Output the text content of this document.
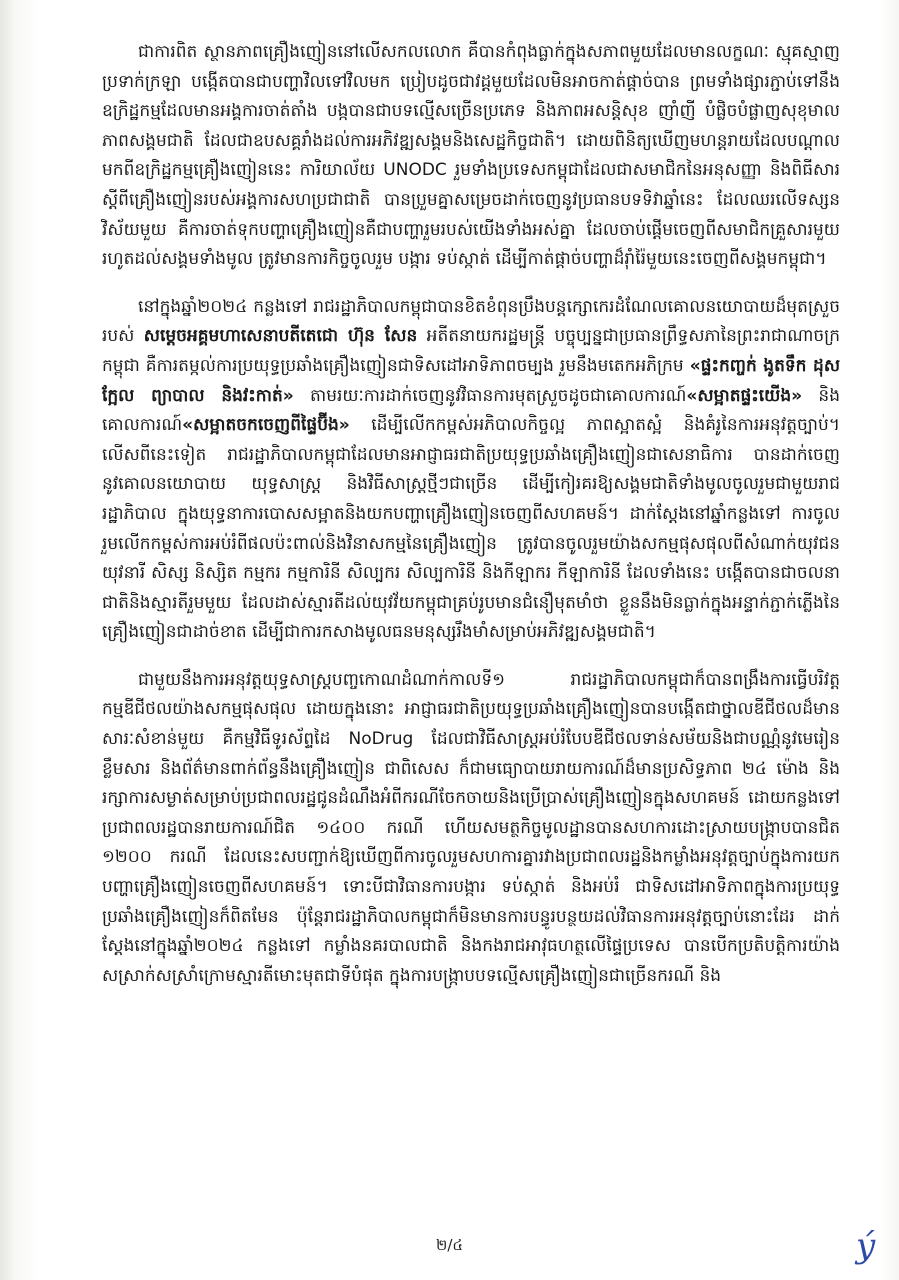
ជាការពិត ស្ថានភាពគ្រឿងញៀននៅលើសកលលោក គឺបានកំពុងធ្លាក់ក្នុងសភាពមួយដែលមានលក្ខណៈ ស្មុគស្មាញ ប្រទាក់ក្រឡា បង្កើតបានជាបញ្ហាវិលទៅវិលមក ប្រៀបដូចជាវដ្តមួយដែលមិនអាចកាត់ផ្ដាច់បាន ព្រមទាំងផ្សារភ្ជាប់ទៅនឹងឧក្រិដ្ឋកម្មដែលមានអង្គការចាត់តាំង បង្កបានជាបទល្មើសច្រើនប្រភេទ និងភាពអសន្តិសុខ ញាំញី បំផ្លិចបំផ្លាញសុខុមាលភាពសង្គមជាតិ ដែលជាឧបសគ្គរាំងដល់ការអភិវឌ្ឍសង្គមនិងសេដ្ឋកិច្ចជាតិ។ ដោយពិនិត្យឃើញមហន្តរាយដែលបណ្ដាលមកពីឧក្រិដ្ឋកម្មគ្រឿងញៀននេះ ការិយាល័យ UNODC រួមទាំងប្រទេសកម្ពុជាដែលជាសមាជិកនៃអនុសញ្ញា និងពិធីសារស្ដីពីគ្រឿងញៀនរបស់អង្គការសហប្រជាជាតិ បានប្រួមគ្នាសម្រេចដាក់ចេញនូវប្រធានបទទិវាឆ្នាំនេះ ដែលឈរលើទស្សនវិស័យមួយ គឺការចាត់ទុកបញ្ហាគ្រឿងញៀនគឺជាបញ្ហារួមរបស់យើងទាំងអស់គ្នា ដែលចាប់ផ្ដើមចេញពីសមាជិកគ្រួសារមួយរហូតដល់សង្គមទាំងមូល ត្រូវមានការកិច្ចចូលរួម បង្ការ ទប់ស្កាត់ ដើម្បីកាត់ផ្ដាច់បញ្ហាដ៏រ៉ាំរ៉ៃមួយនេះចេញពីសង្គមកម្ពុជា។

នៅក្នុងឆ្នាំ២០២៤ កន្លងទៅ រាជរដ្ឋាភិបាលកម្ពុជាបានខិតខំពុនប្រឹងបន្តក្សោកេរដំណែលគោលនយោបាយដ៏មុតស្រួចរបស់ សម្ដេចអគ្គមហាសេនាបតីតេជោ ហ៊ុន សែន អតីតនាយករដ្ឋមន្ត្រី បច្ចុប្បន្នជាប្រធានព្រឹទ្ធសភានៃព្រះរាជាណាចក្រកម្ពុជា គឺការតម្កល់ការប្រយុទ្ធប្រឆាំងគ្រឿងញៀនជាទិសដៅអាទិភាពចម្បង រួមនឹងមតេកអភិក្រម «ផ្ទះកញ្ចក់ ងូតទឹក ដុសក្អែល ព្យាបាល និងវះកាត់» តាមរយៈការដាក់ចេញនូវវិធានការមុតស្រួចដូចជាគោលការណ៍«សម្អាតផ្ទះយើង» និងគោលការណ៍«សម្អាតចកចេញពីផ្ទៃប៊ីង» ដើម្បីលើកកម្ពស់អភិបាលកិច្ចល្អ ភាពស្អាតស្អំ និងគំរូនៃការអនុវត្តច្បាប់។ លើសពីនេះទៀត រាជរដ្ឋាភិបាលកម្ពុជាដែលមានអាជ្ញាធរជាតិប្រយុទ្ធប្រឆាំងគ្រឿងញៀនជាសេនាធិការ បានដាក់ចេញនូវគោលនយោបាយ យុទ្ធសាស្ត្រ និងវិធីសាស្ត្រថ្មីៗជាច្រើន ដើម្បីកៀរគរឱ្យសង្គមជាតិទាំងមូលចូលរួមជាមួយរាជរដ្ឋាភិបាល ក្នុងយុទ្ធនាការបោសសម្អាតនិងយកបញ្ហាគ្រឿងញៀនចេញពីសហគមន៍។ ដាក់ស្ដែងនៅឆ្នាំកន្លងទៅ ការចូលរួមលើកកម្ពស់ការអប់រំពីផលប៉ះពាល់និងវិនាសកម្មនៃគ្រឿងញៀន ត្រូវបានចូលរួមយ៉ាងសកម្មផុសផុលពីសំណាក់យុវជន យុវនារី សិស្ស និស្សិត កម្មករ កម្មការិនី សិល្បករ សិល្បការិនី និងកីឡាករ កីឡាការិនី ដែលទាំងនេះ បង្កើតបានជាចលនាជាតិនិងស្មារតីរួមមួយ ដែលដាស់ស្មារតីដល់យុវវ័យកម្ពុជាគ្រប់រូបមានជំនឿមុតមាំថា ខ្លួននឹងមិនធ្លាក់ក្នុងអន្ទាក់ភ្ជាក់ភ្លើងនៃគ្រឿងញៀនជាដាច់ខាត ដើម្បីជាការកសាងមូលធនមនុស្សរឹងមាំសម្រាប់អភិវឌ្ឍសង្គមជាតិ។

ជាមួយនឹងការអនុវត្តយុទ្ធសាស្ត្របញ្ចកោណដំណាក់កាលទី១ រាជរដ្ឋាភិបាលកម្ពុជាក៏បានពង្រឹងការធ្វើបរិវត្តកម្មឌីជីថលយ៉ាងសកម្មផុសផុល ដោយក្នុងនោះ អាជ្ញាធរជាតិប្រយុទ្ធប្រឆាំងគ្រឿងញៀនបានបង្កើតជាថ្នាលឌីជីថលដ៏មានសារៈសំខាន់មួយ គឺកម្មវិធីទូរស័ព្ទដៃ NoDrug ដែលជាវិធីសាស្ត្រអប់រំបែបឌីជីថលទាន់សម័យនិងជាបណ្ណំនូវមេរៀន ខ្លឹមសារ និងព័ត៌មានពាក់ព័ន្ធនឹងគ្រឿងញៀន ជាពិសេស ក៏ជាមធ្យោបាយរាយការណ៍ដ៏មានប្រសិទ្ធភាព ២៤ ម៉ោង និងរក្សាការសម្ងាត់សម្រាប់ប្រជាពលរដ្ឋជូនដំណឹងអំពីករណីចែកចាយនិងប្រើប្រាស់គ្រឿងញៀនក្នុងសហគមន៍ ដោយកន្លងទៅប្រជាពលរដ្ឋបានរាយការណ៍ជិត ១៤០០ ករណី ហើយសមត្ថកិច្ចមូលដ្ឋានបានសហការដោះស្រាយបង្ក្រាបបានជិត ១២០០ ករណី ដែលនេះសបញ្ជាក់ឱ្យឃើញពីការចូលរួមសហការគ្នារវាងប្រជាពលរដ្ឋនិងកម្លាំងអនុវត្តច្បាប់ក្នុងការយកបញ្ហាគ្រឿងញៀនចេញពីសហគមន៍។ ទោះបីជាវិធានការបង្ការ ទប់ស្កាត់ និងអប់រំ ជាទិសដៅអាទិភាពក្នុងការប្រយុទ្ធប្រឆាំងគ្រឿងញៀនក៏ពិតមែន ប៉ុន្តែរាជរដ្ឋាភិបាលកម្ពុជាក៏មិនមានការបន្ធូរបន្ថយដល់វិធានការអនុវត្តច្បាប់នោះដែរ ដាក់ស្ដែងនៅក្នុងឆ្នាំ២០២៤ កន្លងទៅ កម្លាំងនគរបាលជាតិ និងកងរាជអាវុធហត្ថលើផ្ទៃប្រទេស បានបើកប្រតិបត្តិការយ៉ាងសស្រាក់សស្រាំក្រោមស្មារតីមោះមុតជាទីបំផុត ក្នុងការបង្ក្រាបបទល្មើសគ្រឿងញៀនជាច្រើនករណី និង

២/៤	ý
